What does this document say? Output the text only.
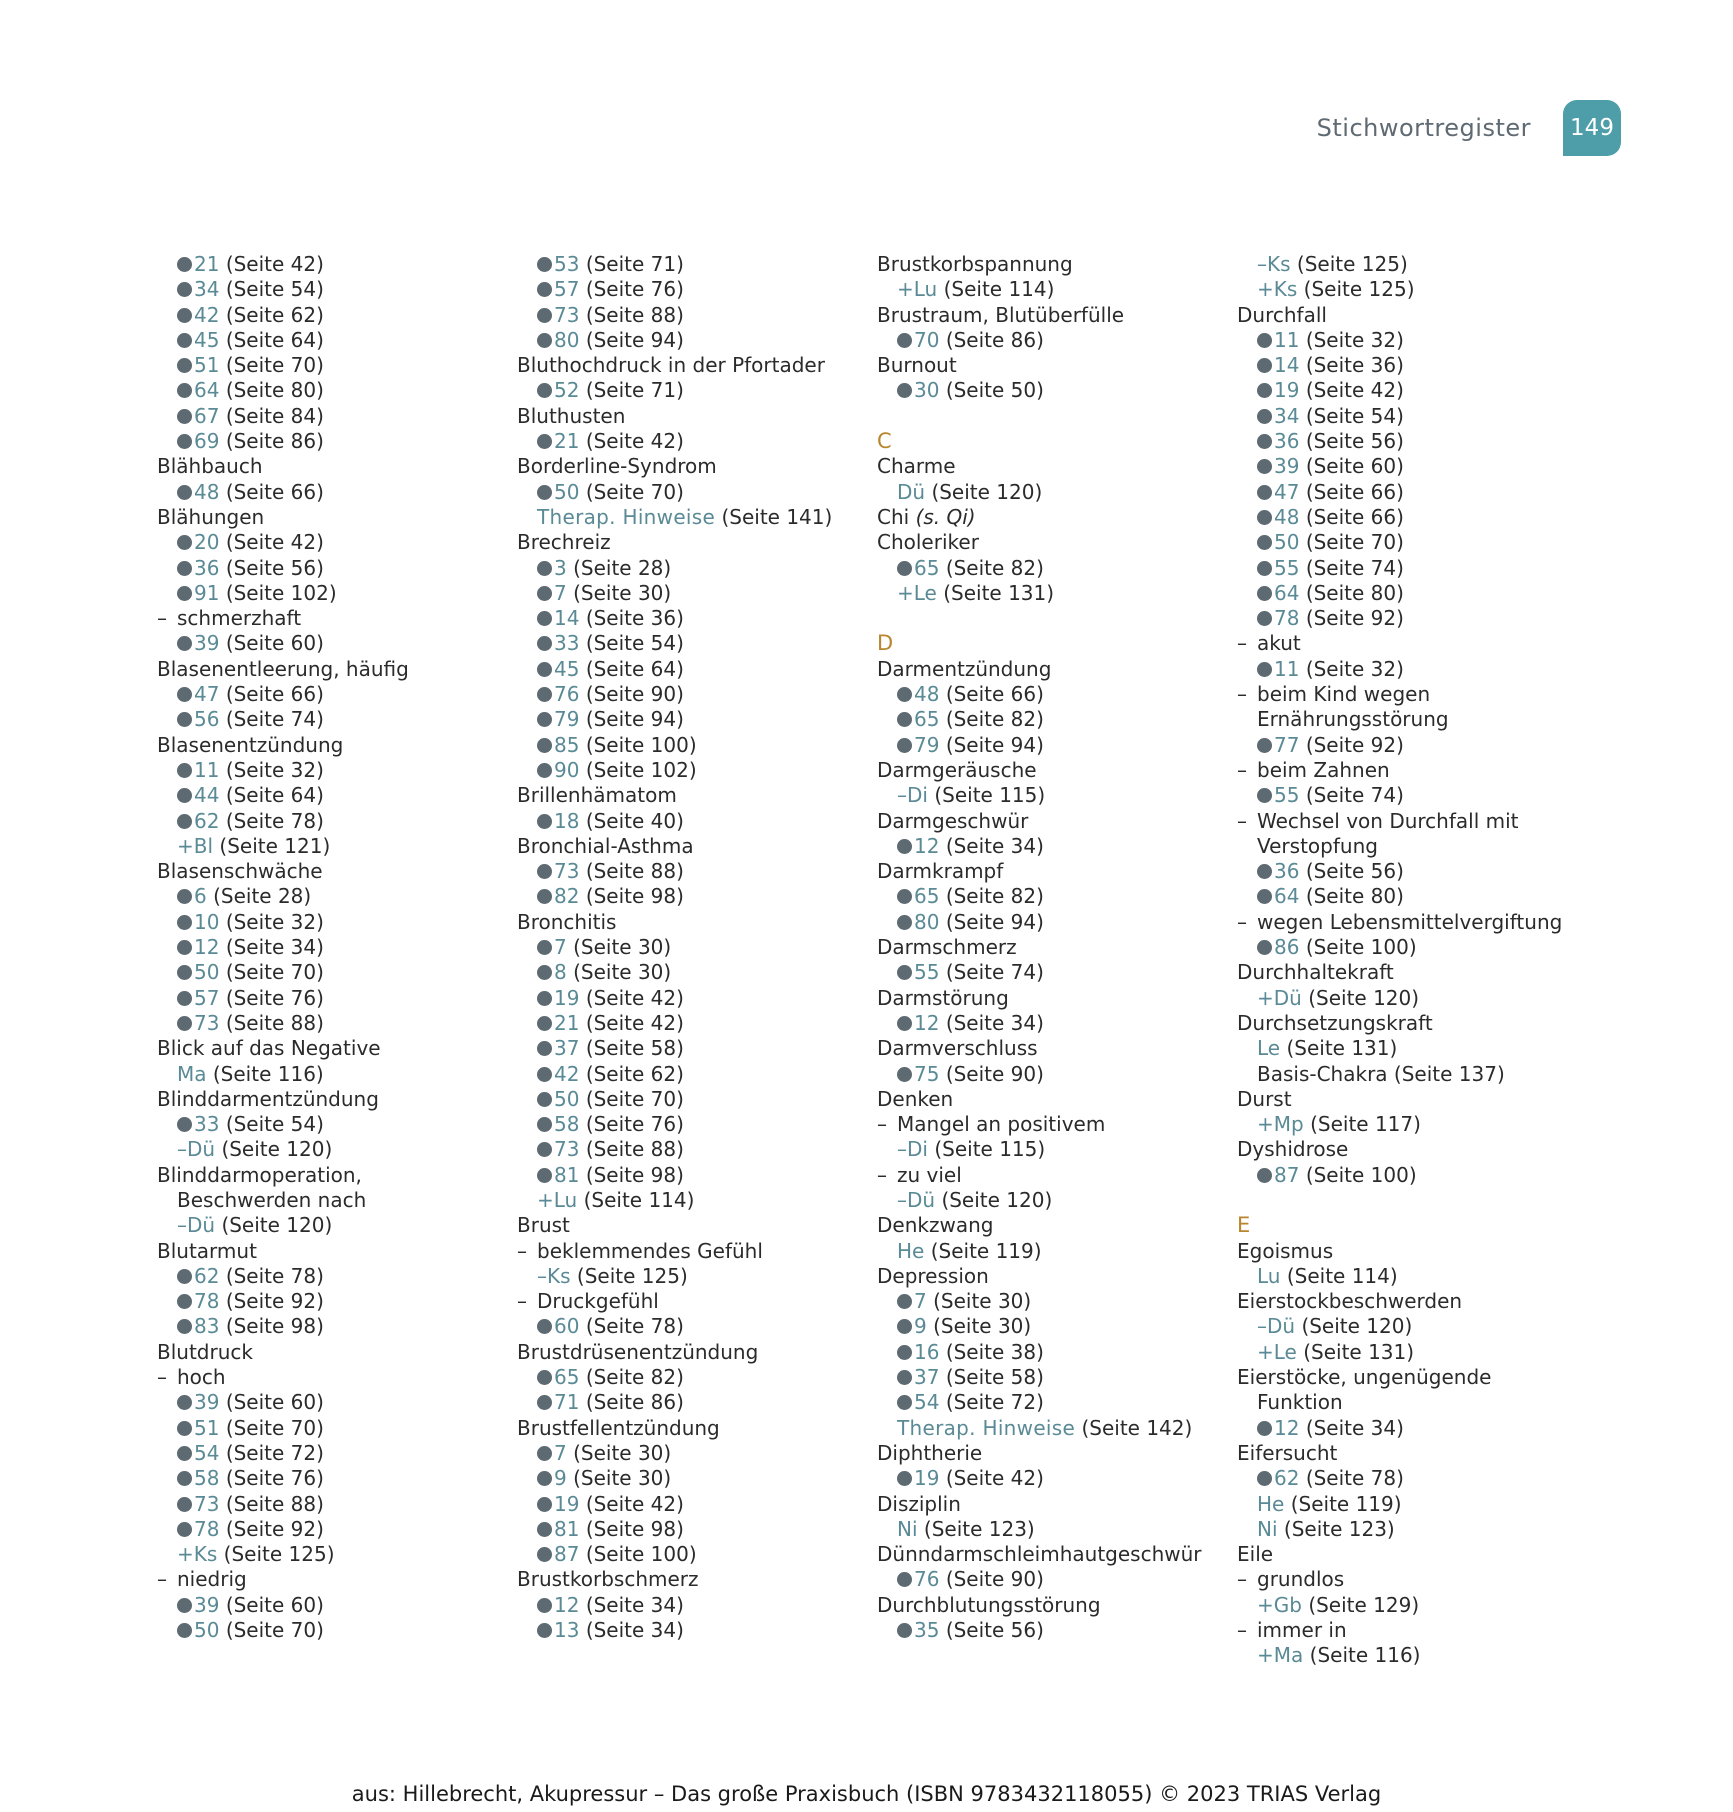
Stichwortregister	149
21 (Seite 42)
34 (Seite 54)
42 (Seite 62)
45 (Seite 64)
51 (Seite 70)
64 (Seite 80)
67 (Seite 84)
69 (Seite 86)
Blähbauch
48 (Seite 66)
Blähungen
20 (Seite 42)
36 (Seite 56)
91 (Seite 102)
– schmerzhaft
39 (Seite 60)
Blasenentleerung, häufig
47 (Seite 66)
56 (Seite 74)
Blasenentzündung
11 (Seite 32)
44 (Seite 64)
62 (Seite 78)
+Bl (Seite 121)
Blasenschwäche
6 (Seite 28)
10 (Seite 32)
12 (Seite 34)
50 (Seite 70)
57 (Seite 76)
73 (Seite 88)
Blick auf das Negative
Ma (Seite 116)
Blinddarmentzündung
33 (Seite 54)
–Dü (Seite 120)
Blinddarmoperation,
Beschwerden nach
–Dü (Seite 120)
Blutarmut
62 (Seite 78)
78 (Seite 92)
83 (Seite 98)
Blutdruck
– hoch
39 (Seite 60)
51 (Seite 70)
54 (Seite 72)
58 (Seite 76)
73 (Seite 88)
78 (Seite 92)
+Ks (Seite 125)
– niedrig
39 (Seite 60)
50 (Seite 70)
53 (Seite 71)
57 (Seite 76)
73 (Seite 88)
80 (Seite 94)
Bluthochdruck in der Pfortader
52 (Seite 71)
Bluthusten
21 (Seite 42)
Borderline-Syndrom
50 (Seite 70)
Therap. Hinweise (Seite 141)
Brechreiz
3 (Seite 28)
7 (Seite 30)
14 (Seite 36)
33 (Seite 54)
45 (Seite 64)
76 (Seite 90)
79 (Seite 94)
85 (Seite 100)
90 (Seite 102)
Brillenhämatom
18 (Seite 40)
Bronchial-Asthma
73 (Seite 88)
82 (Seite 98)
Bronchitis
7 (Seite 30)
8 (Seite 30)
19 (Seite 42)
21 (Seite 42)
37 (Seite 58)
42 (Seite 62)
50 (Seite 70)
58 (Seite 76)
73 (Seite 88)
81 (Seite 98)
+Lu (Seite 114)
Brust
– beklemmendes Gefühl
–Ks (Seite 125)
– Druckgefühl
60 (Seite 78)
Brustdrüsenentzündung
65 (Seite 82)
71 (Seite 86)
Brustfellentzündung
7 (Seite 30)
9 (Seite 30)
19 (Seite 42)
81 (Seite 98)
87 (Seite 100)
Brustkorbschmerz
12 (Seite 34)
13 (Seite 34)
Brustkorbspannung
+Lu (Seite 114)
Brustraum, Blutüberfülle
70 (Seite 86)
Burnout
30 (Seite 50)
C
Charme
Dü (Seite 120)
Chi (s. Qi)
Choleriker
65 (Seite 82)
+Le (Seite 131)
D
Darmentzündung
48 (Seite 66)
65 (Seite 82)
79 (Seite 94)
Darmgeräusche
–Di (Seite 115)
Darmgeschwür
12 (Seite 34)
Darmkrampf
65 (Seite 82)
80 (Seite 94)
Darmschmerz
55 (Seite 74)
Darmstörung
12 (Seite 34)
Darmverschluss
75 (Seite 90)
Denken
– Mangel an positivem
–Di (Seite 115)
– zu viel
–Dü (Seite 120)
Denkzwang
He (Seite 119)
Depression
7 (Seite 30)
9 (Seite 30)
16 (Seite 38)
37 (Seite 58)
54 (Seite 72)
Therap. Hinweise (Seite 142)
Diphtherie
19 (Seite 42)
Disziplin
Ni (Seite 123)
Dünndarmschleimhautgeschwür
76 (Seite 90)
Durchblutungsstörung
35 (Seite 56)
–Ks (Seite 125)
+Ks (Seite 125)
Durchfall
11 (Seite 32)
14 (Seite 36)
19 (Seite 42)
34 (Seite 54)
36 (Seite 56)
39 (Seite 60)
47 (Seite 66)
48 (Seite 66)
50 (Seite 70)
55 (Seite 74)
64 (Seite 80)
78 (Seite 92)
– akut
11 (Seite 32)
– beim Kind wegen
Ernährungsstörung
77 (Seite 92)
– beim Zahnen
55 (Seite 74)
– Wechsel von Durchfall mit
Verstopfung
36 (Seite 56)
64 (Seite 80)
– wegen Lebensmittelvergiftung
86 (Seite 100)
Durchhaltekraft
+Dü (Seite 120)
Durchsetzungskraft
Le (Seite 131)
Basis-Chakra (Seite 137)
Durst
+Mp (Seite 117)
Dyshidrose
87 (Seite 100)
E
Egoismus
Lu (Seite 114)
Eierstockbeschwerden
–Dü (Seite 120)
+Le (Seite 131)
Eierstöcke, ungenügende
Funktion
12 (Seite 34)
Eifersucht
62 (Seite 78)
He (Seite 119)
Ni (Seite 123)
Eile
– grundlos
+Gb (Seite 129)
– immer in
+Ma (Seite 116)
aus: Hillebrecht, Akupressur – Das große Praxisbuch (ISBN 9783432118055) © 2023 TRIAS Verlag
